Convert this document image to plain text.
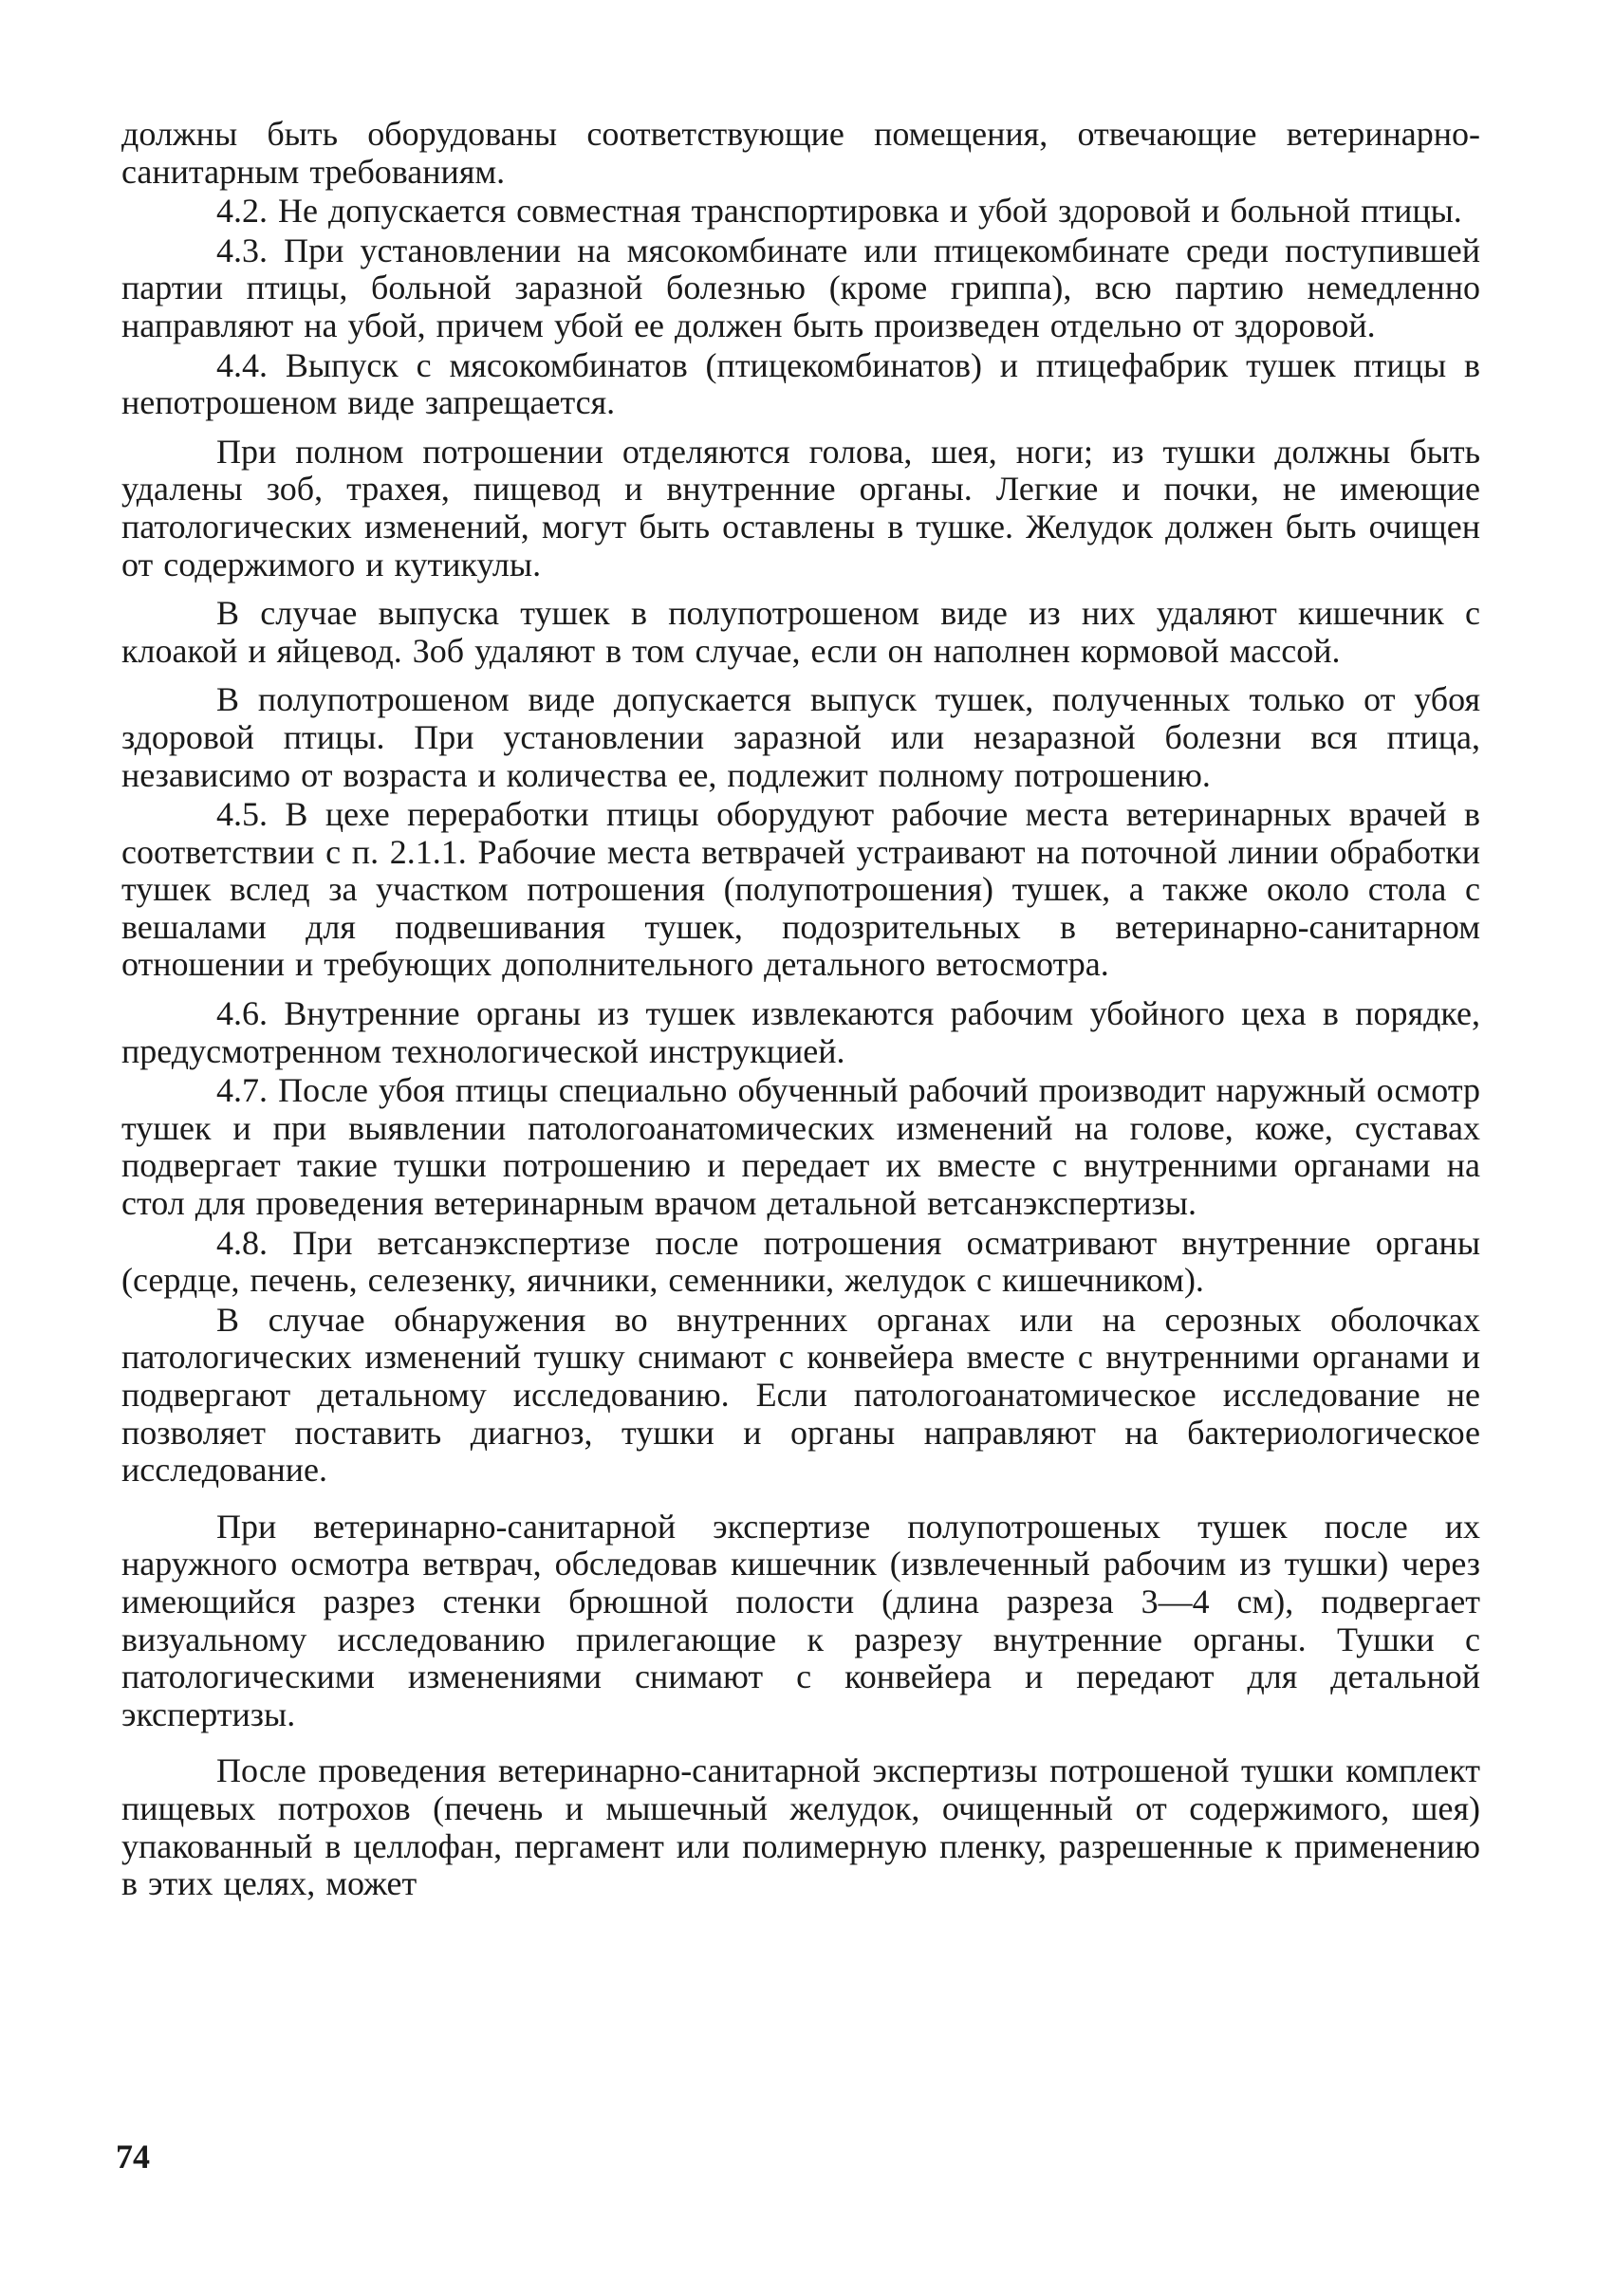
должны быть оборудованы соответствующие помещения, отвечающие ветеринарно-санитарным требованиям.

4.2. Не допускается совместная транспортировка и убой здоровой и больной птицы.

4.3. При установлении на мясокомбинате или птицекомбинате среди поступившей партии птицы, больной заразной болезнью (кроме гриппа), всю партию немедленно направляют на убой, причем убой ее должен быть произведен отдельно от здоровой.

4.4. Выпуск с мясокомбинатов (птицекомбинатов) и птицефабрик тушек птицы в непотрошеном виде запрещается.

При полном потрошении отделяются голова, шея, ноги; из тушки должны быть удалены зоб, трахея, пищевод и внутренние органы. Легкие и почки, не имеющие патологических изменений, могут быть оставлены в тушке. Желудок должен быть очищен от содержимого и кутикулы.

В случае выпуска тушек в полупотрошеном виде из них удаляют кишечник с клоакой и яйцевод. Зоб удаляют в том случае, если он наполнен кормовой массой.

В полупотрошеном виде допускается выпуск тушек, полученных только от убоя здоровой птицы. При установлении заразной или незаразной болезни вся птица, независимо от возраста и количества ее, подлежит полному потрошению.

4.5. В цехе переработки птицы оборудуют рабочие места ветеринарных врачей в соответствии с п. 2.1.1. Рабочие места ветврачей устраивают на поточной линии обработки тушек вслед за участком потрошения (полупотрошения) тушек, а также около стола с вешалами для подвешивания тушек, подозрительных в ветеринарно-санитарном отношении и требующих дополнительного детального ветосмотра.

4.6. Внутренние органы из тушек извлекаются рабочим убойного цеха в порядке, предусмотренном технологической инструкцией.

4.7. После убоя птицы специально обученный рабочий производит наружный осмотр тушек и при выявлении патологоанатомических изменений на голове, коже, суставах подвергает такие тушки потрошению и передает их вместе с внутренними органами на стол для проведения ветеринарным врачом детальной ветсанэкспертизы.

4.8. При ветсанэкспертизе после потрошения осматривают внутренние органы (сердце, печень, селезенку, яичники, семенники, желудок с кишечником).

В случае обнаружения во внутренних органах или на серозных оболочках патологических изменений тушку снимают с конвейера вместе с внутренними органами и подвергают детальному исследованию. Если патологоанатомическое исследование не позволяет поставить диагноз, тушки и органы направляют на бактериологическое исследование.

При ветеринарно-санитарной экспертизе полупотрошеных тушек после их наружного осмотра ветврач, обследовав кишечник (извлеченный рабочим из тушки) через имеющийся разрез стенки брюшной полости (длина разреза 3—4 см), подвергает визуальному исследованию прилегающие к разрезу внутренние органы. Тушки с патологическими изменениями снимают с конвейера и передают для детальной экспертизы.

После проведения ветеринарно-санитарной экспертизы потрошеной тушки комплект пищевых потрохов (печень и мышечный желудок, очищенный от содержимого, шея) упакованный в целлофан, пергамент или полимерную пленку, разрешенные к применению в этих целях, может

74
